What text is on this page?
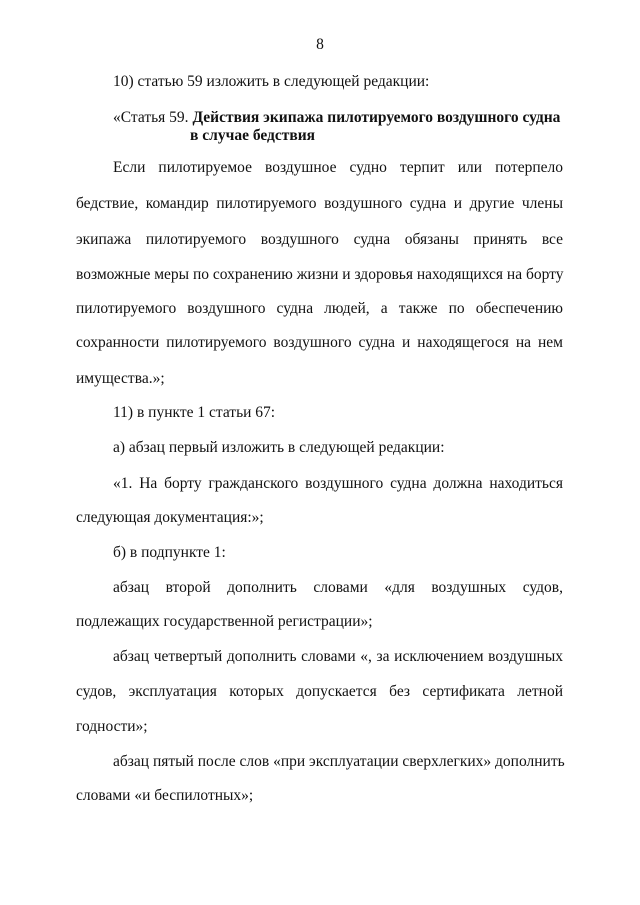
8
10) статью 59 изложить в следующей редакции:
«Статья 59. Действия экипажа пилотируемого воздушного судна
в случае бедствия
Если пилотируемое воздушное судно терпит или потерпело
бедствие, командир пилотируемого воздушного судна и другие члены
экипажа пилотируемого воздушного судна обязаны принять все
возможные меры по сохранению жизни и здоровья находящихся на борту
пилотируемого воздушного судна людей, а также по обеспечению
сохранности пилотируемого воздушного судна и находящегося на нем
имущества.»;
11) в пункте 1 статьи 67:
а) абзац первый изложить в следующей редакции:
«1. На борту гражданского воздушного судна должна находиться
следующая документация:»;
б) в подпункте 1:
абзац второй дополнить словами «для воздушных судов,
подлежащих государственной регистрации»;
абзац четвертый дополнить словами «, за исключением воздушных
судов, эксплуатация которых допускается без сертификата летной
годности»;
абзац пятый после слов «при эксплуатации сверхлегких» дополнить
словами «и беспилотных»;
